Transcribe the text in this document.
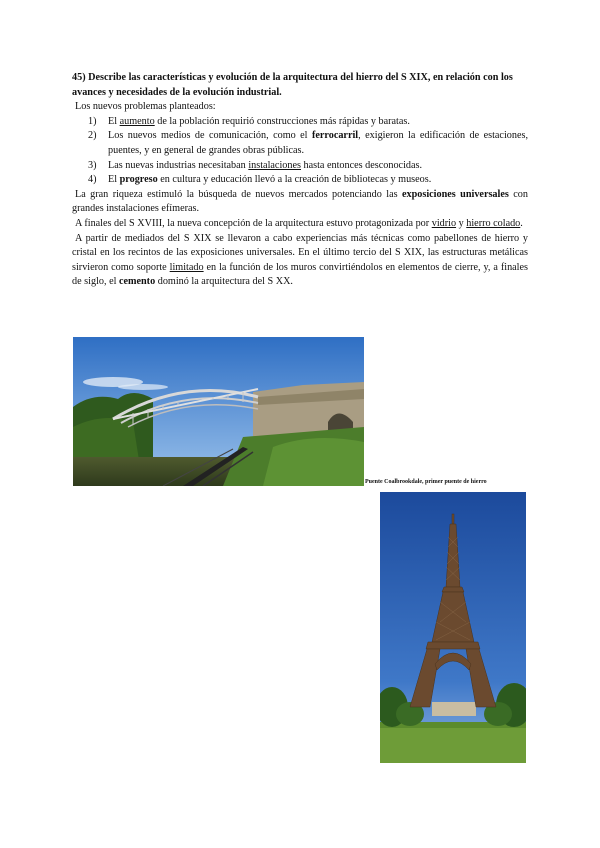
45) Describe las características y evolución de la arquitectura del hierro del S XIX, en relación con los avances y necesidades de la evolución industrial.

Los nuevos problemas planteados:

1) El aumento de la población requirió construcciones más rápidas y baratas.
2) Los nuevos medios de comunicación, como el ferrocarril, exigieron la edificación de estaciones, puentes, y en general de grandes obras públicas.
3) Las nuevas industrias necesitaban instalaciones hasta entonces desconocidas.
4) El progreso en cultura y educación llevó a la creación de bibliotecas y museos.

La gran riqueza estimuló la búsqueda de nuevos mercados potenciando las exposiciones universales con grandes instalaciones efímeras.

A finales del S XVIII, la nueva concepción de la arquitectura estuvo protagonizada por vidrio y hierro colado.

A partir de mediados del S XIX se llevaron a cabo experiencias más técnicas como pabellones de hierro y cristal en los recintos de las exposiciones universales. En el último tercio del S XIX, las estructuras metálicas sirvieron como soporte limitado en la función de los muros convirtiéndolos en elementos de cierre, y, a finales de siglo, el cemento dominó la arquitectura del S XX.

Puente Coalbrookdale, primer puente de hierro
